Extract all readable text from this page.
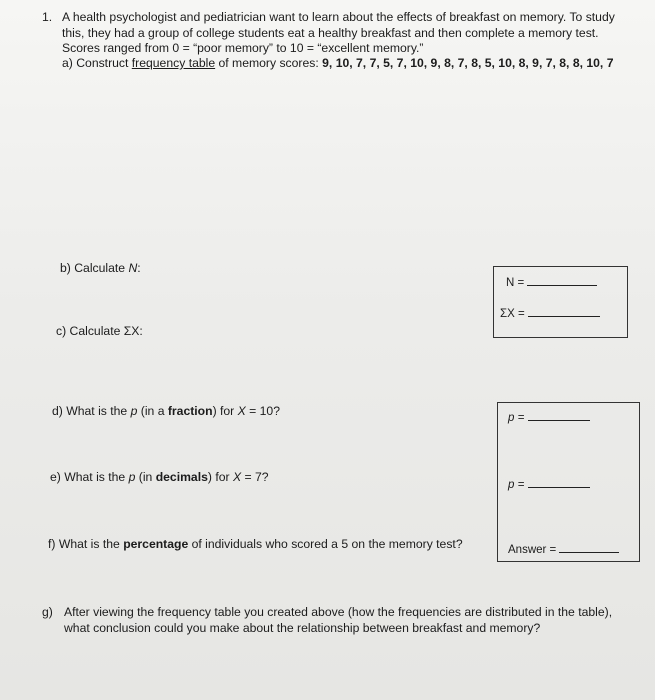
1. A health psychologist and pediatrician want to learn about the effects of breakfast on memory. To study
this, they had a group of college students eat a healthy breakfast and then complete a memory test.
Scores ranged from 0 = “poor memory” to 10 = “excellent memory.”
a) Construct frequency table of memory scores: 9, 10, 7, 7, 5, 7, 10, 9, 8, 7, 8, 5, 10, 8, 9, 7, 8, 8, 10, 7
b) Calculate N:
c) Calculate ΣX:
N =
ΣX =
d) What is the p (in a fraction) for X = 10?
e) What is the p (in decimals) for X = 7?
f) What is the percentage of individuals who scored a 5 on the memory test?
p =
p =
Answer =
g) After viewing the frequency table you created above (how the frequencies are distributed in the table),
what conclusion could you make about the relationship between breakfast and memory?
